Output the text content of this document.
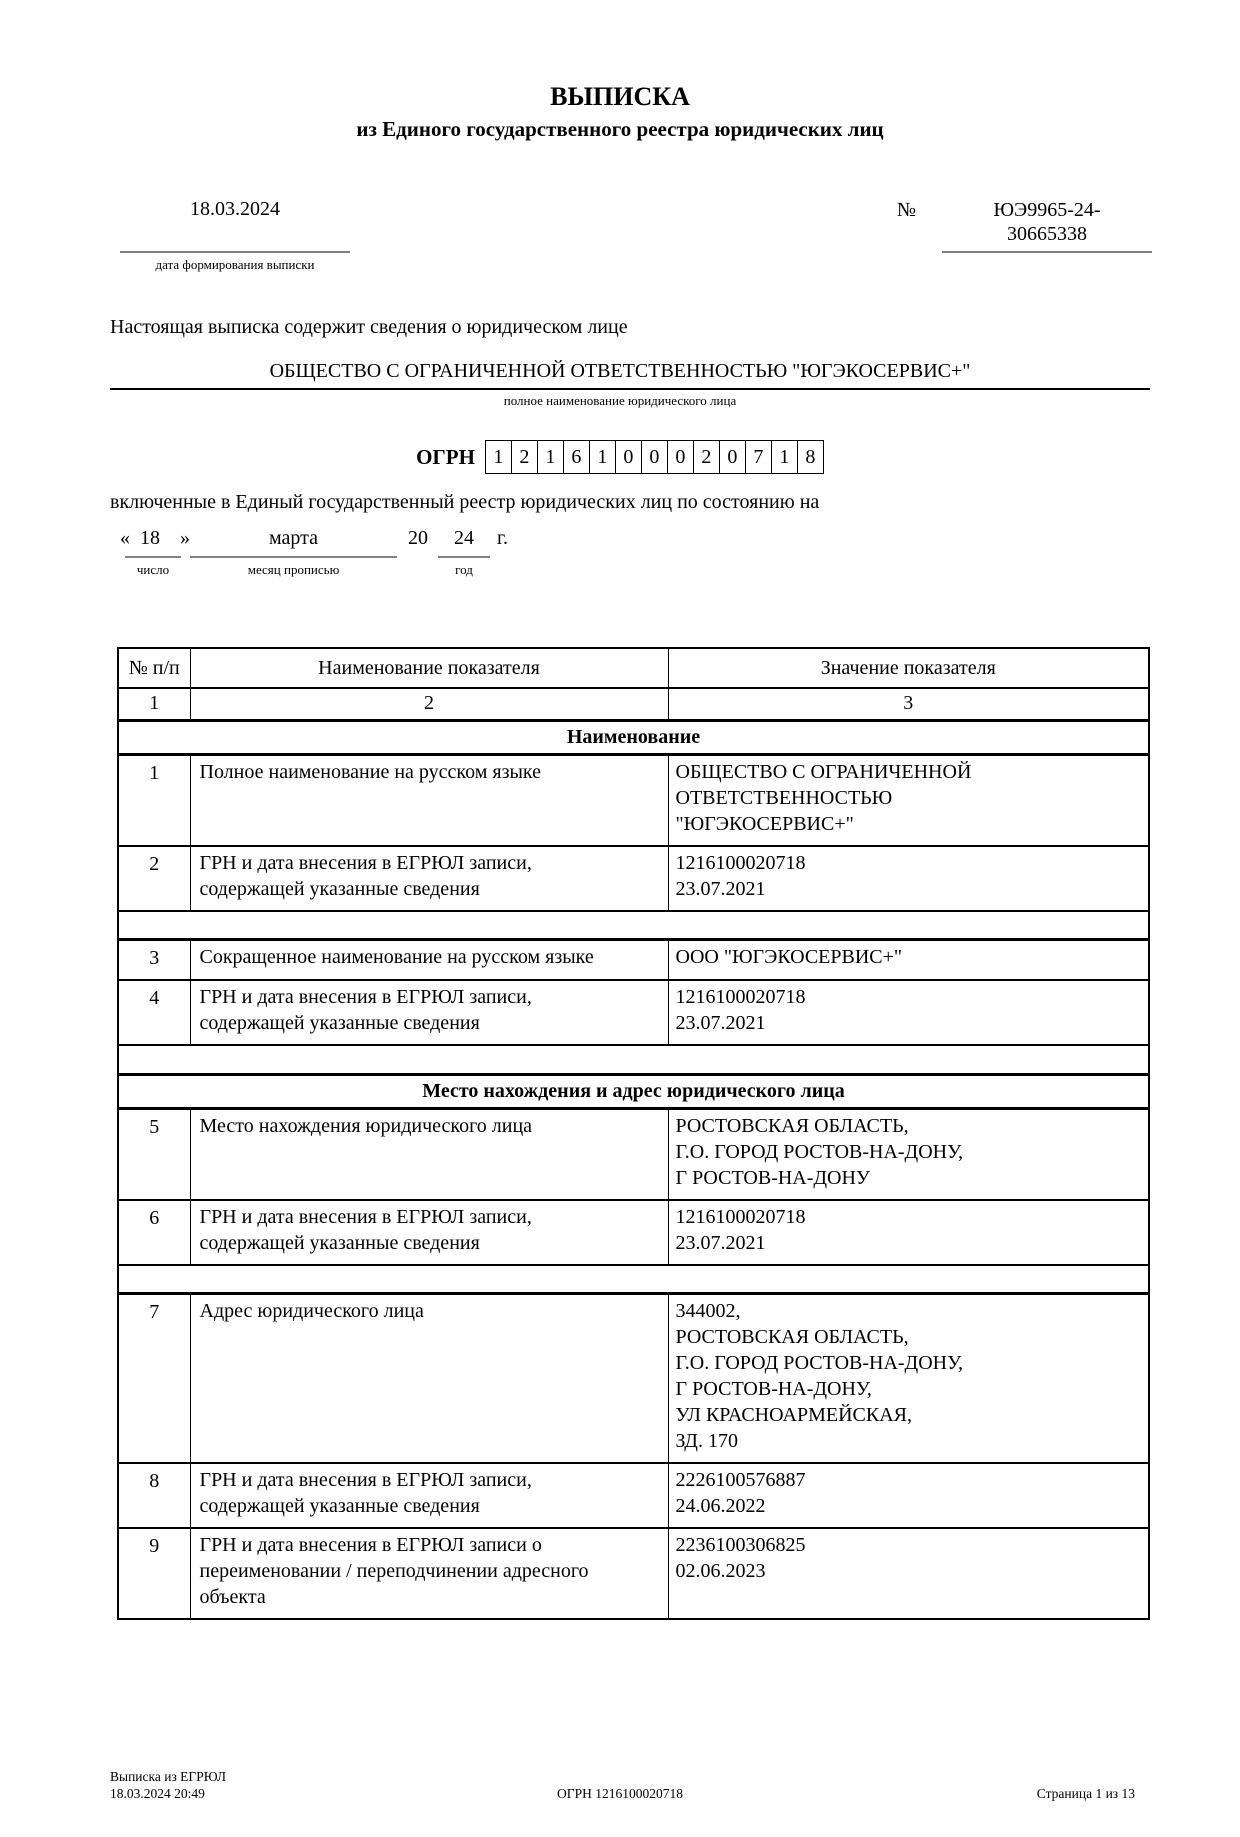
ВЫПИСКА
из Единого государственного реестра юридических лиц
18.03.2024
дата формирования выписки
№	ЮЭ9965-24-
30665338

Настоящая выписка содержит сведения о юридическом лице

ОБЩЕСТВО С ОГРАНИЧЕННОЙ ОТВЕТСТВЕННОСТЬЮ "ЮГЭКОСЕРВИС+"
полное наименование юридического лица
ОГРН 1 2 1 6 1 0 0 0 2 0 7 1 8

включенные в Единый государственный реестр юридических лиц по состоянию на

« 18 »	марта	20	24	г.
число	месяц прописью	год
№ п/п	Наименование показателя	Значение показателя
1	2	3
Наименование		
1	Полное наименование на русском языке	ОБЩЕСТВО С ОГРАНИЧЕННОЙ
ОТВЕТСТВЕННОСТЬЮ
"ЮГЭКОСЕРВИС+"

2	ГРН и дата внесения в ЕГРЮЛ записи, содержащей указанные сведения	1216100020718
23.07.2021

3	Сокращенное наименование на русском языке	ООО "ЮГЭКОСЕРВИС+"

4	ГРН и дата внесения в ЕГРЮЛ записи, содержащей указанные сведения	1216100020718
23.07.2021

Место нахождения и адрес юридического лица		
5	Место нахождения юридического лица	РОСТОВСКАЯ ОБЛАСТЬ,
Г.О. ГОРОД РОСТОВ-НА-ДОНУ,
Г РОСТОВ-НА-ДОНУ

6	ГРН и дата внесения в ЕГРЮЛ записи, содержащей указанные сведения	1216100020718
23.07.2021

7	Адрес юридического лица	344002,
РОСТОВСКАЯ ОБЛАСТЬ,
Г.О. ГОРОД РОСТОВ-НА-ДОНУ,
Г РОСТОВ-НА-ДОНУ,
УЛ КРАСНОАРМЕЙСКАЯ,
ЗД. 170

8	ГРН и дата внесения в ЕГРЮЛ записи, содержащей указанные сведения	2226100576887
24.06.2022

9	ГРН и дата внесения в ЕГРЮЛ записи о переименовании / переподчинении адресного объекта	2236100306825
02.06.2023
Выписка из ЕГРЮЛ
18.03.2024 20:49	ОГРН 1216100020718	Страница 1 из 13
